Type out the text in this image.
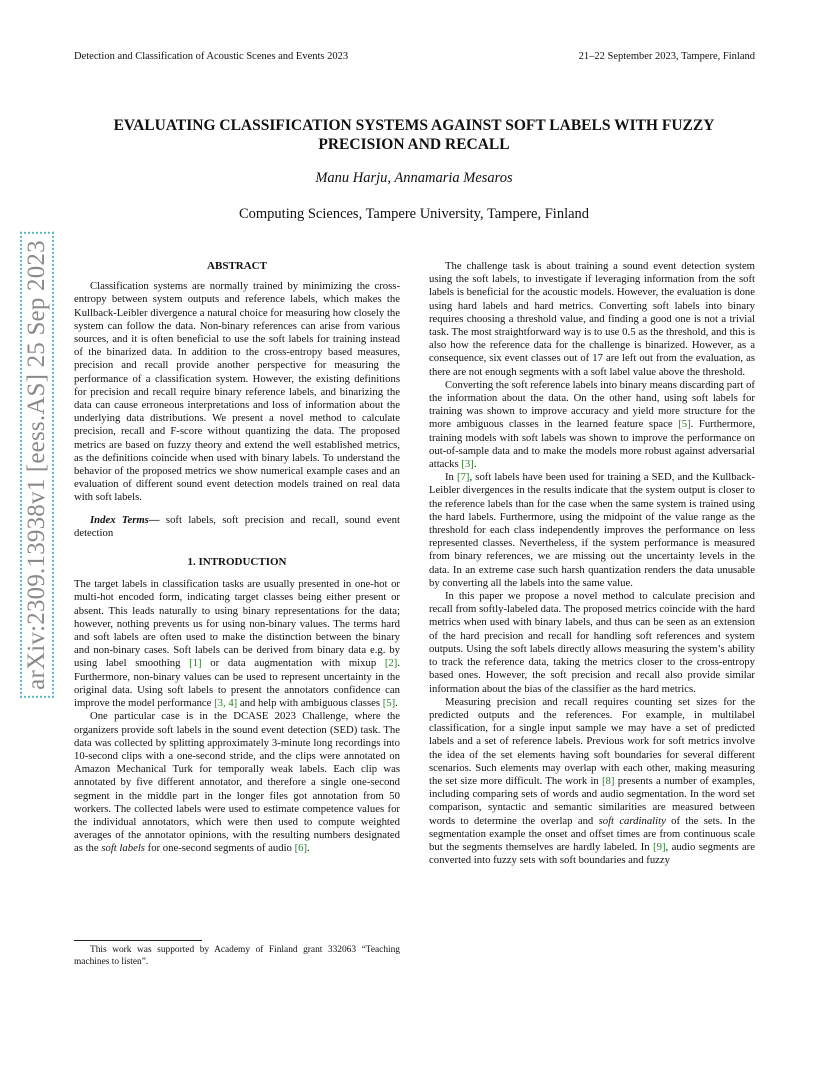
Detection and Classification of Acoustic Scenes and Events 2023	21–22 September 2023, Tampere, Finland
EVALUATING CLASSIFICATION SYSTEMS AGAINST SOFT LABELS WITH FUZZY
PRECISION AND RECALL
Manu Harju, Annamaria Mesaros
Computing Sciences, Tampere University, Tampere, Finland
arXiv:2309.13938v1 [eess.AS] 25 Sep 2023	ABSTRACT

Classification systems are normally trained by minimizing the cross-entropy between system outputs and reference labels, which makes the Kullback-Leibler divergence a natural choice for measuring how closely the system can follow the data. Non-binary references can arise from various sources, and it is often beneficial to use the soft labels for training instead of the binarized data. In addition to the cross-entropy based measures, precision and recall provide another perspective for measuring the performance of a classification system. However, the existing definitions for precision and recall require binary reference labels, and binarizing the data can cause erroneous interpretations and loss of information about the underlying data distributions. We present a novel method to calculate precision, recall and F-score without quantizing the data. The proposed metrics are based on fuzzy theory and extend the well established metrics, as the definitions coincide when used with binary labels. To understand the behavior of the proposed metrics we show numerical example cases and an evaluation of different sound event detection models trained on real data with soft labels.

Index Terms— soft labels, soft precision and recall, sound event detection

1. INTRODUCTION

The target labels in classification tasks are usually presented in one-hot or multi-hot encoded form, indicating target classes being either present or absent. This leads naturally to using binary representations for the data; however, nothing prevents us for using non-binary values. The terms hard and soft labels are often used to make the distinction between the binary and non-binary cases. Soft labels can be derived from binary data e.g. by using label smoothing [1] or data augmentation with mixup [2]. Furthermore, non-binary values can be used to represent uncertainty in the original data. Using soft labels to present the annotators confidence can improve the model performance [3, 4] and help with ambiguous classes [5].

One particular case is in the DCASE 2023 Challenge, where the organizers provide soft labels in the sound event detection (SED) task. The data was collected by splitting approximately 3-minute long recordings into 10-second clips with a one-second stride, and the clips were annotated on Amazon Mechanical Turk for temporally weak labels. Each clip was annotated by five different annotator, and therefore a single one-second segment in the middle part in the longer files got annotation from 50 workers. The collected labels were used to estimate competence values for the individual annotators, which were then used to compute weighted averages of the annotator opinions, with the resulting numbers designated as the soft labels for one-second segments of audio [6].

This work was supported by Academy of Finland grant 332063 “Teaching machines to listen”.

The challenge task is about training a sound event detection system using the soft labels, to investigate if leveraging information from the soft labels is beneficial for the acoustic models. However, the evaluation is done using hard labels and hard metrics. Converting soft labels into binary requires choosing a threshold value, and finding a good one is not a trivial task. The most straightforward way is to use 0.5 as the threshold, and this is also how the reference data for the challenge is binarized. However, as a consequence, six event classes out of 17 are left out from the evaluation, as there are not enough segments with a soft label value above the threshold.

Converting the soft reference labels into binary means discarding part of the information about the data. On the other hand, using soft labels for training was shown to improve accuracy and yield more structure for the more ambiguous classes in the learned feature space [5]. Furthermore, training models with soft labels was shown to improve the performance on out-of-sample data and to make the models more robust against adversarial attacks [3].

In [7], soft labels have been used for training a SED, and the Kullback-Leibler divergences in the results indicate that the system output is closer to the reference labels than for the case when the same system is trained using the hard labels. Furthermore, using the midpoint of the value range as the threshold for each class independently improves the performance on less represented classes. Nevertheless, if the system performance is measured from binary references, we are missing out the uncertainty levels in the data. In an extreme case such harsh quantization renders the data unusable by converting all the labels into the same value.

In this paper we propose a novel method to calculate precision and recall from softly-labeled data. The proposed metrics coincide with the hard metrics when used with binary labels, and thus can be seen as an extension of the hard precision and recall for handling soft references and system outputs. Using the soft labels directly allows measuring the system’s ability to track the reference data, taking the metrics closer to the cross-entropy based ones. However, the soft precision and recall also provide similar information about the bias of the classifier as the hard metrics.

Measuring precision and recall requires counting set sizes for the predicted outputs and the references. For example, in multilabel classification, for a single input sample we may have a set of predicted labels and a set of reference labels. Previous work for soft metrics involve the idea of the set elements having soft boundaries for several different scenarios. Such elements may overlap with each other, making measuring the set size more difficult. The work in [8] presents a number of examples, including comparing sets of words and audio segmentation. In the word set comparison, syntactic and semantic similarities are measured between words to determine the overlap and soft cardinality of the sets. In the segmentation example the onset and offset times are from continuous scale but the segments themselves are hardly labeled. In [9], audio segments are converted into fuzzy sets with soft boundaries and fuzzy
